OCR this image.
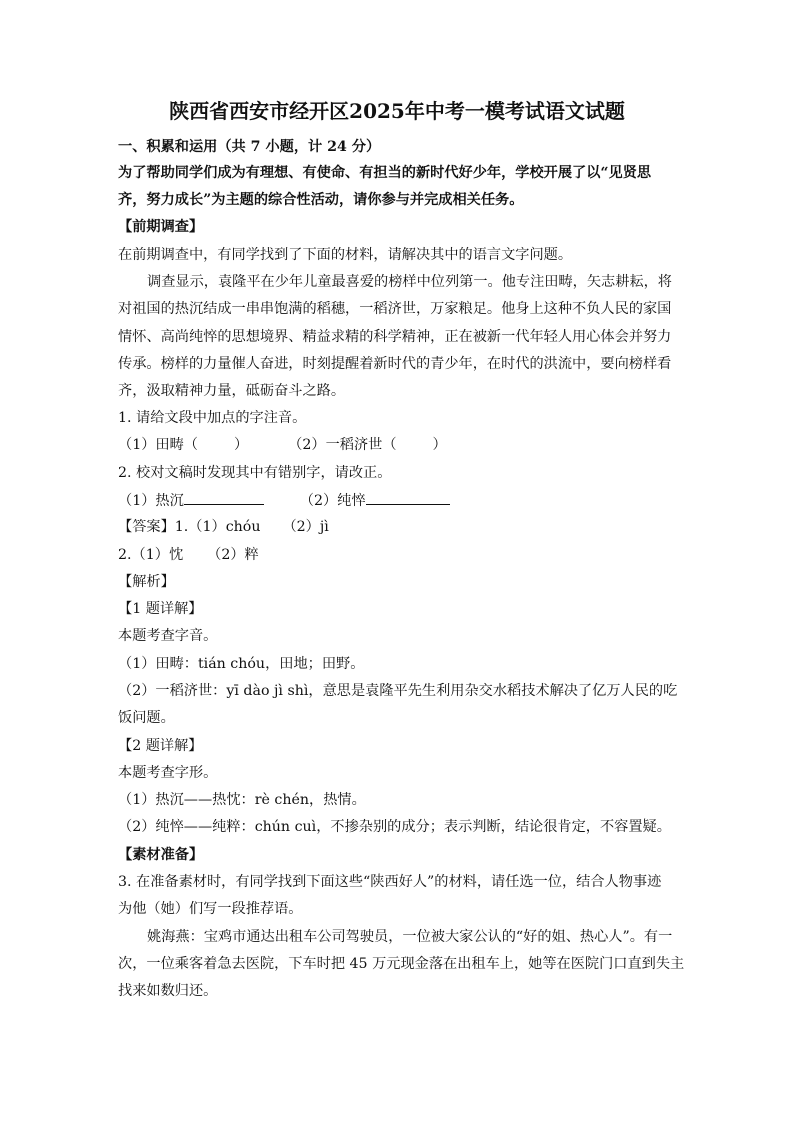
陕西省西安市经开区2025年中考一模考试语文试题
一、积累和运用（共 7 小题，计 24 分）
为了帮助同学们成为有理想、有使命、有担当的新时代好少年，学校开展了以“见贤思
齐，努力成长”为主题的综合性活动，请你参与并完成相关任务。
【前期调查】
在前期调查中，有同学找到了下面的材料，请解决其中的语言文字问题。
调查显示，袁隆平在少年儿童最喜爱的榜样中位列第一。他专注田畴，矢志耕耘，将
对祖国的热沉结成一串串饱满的稻穗，一稻济世，万家粮足。他身上这种不负人民的家国
情怀、高尚纯悴的思想境界、精益求精的科学精神，正在被新一代年轻人用心体会并努力
传承。榜样的力量催人奋进，时刻提醒着新时代的青少年，在时代的洪流中，要向榜样看
齐，汲取精神力量，砥砺奋斗之路。
1. 请给文段中加点的字注音。
（1）田畴（	）	（2）一稻济世（	）
2. 校对文稿时发现其中有错别字，请改正。
（1）热沉	（2）纯悴
【答案】1.（1）chóu （2）jì
2.（1）忱 （2）粹
【解析】
【1 题详解】
本题考查字音。
（1）田畴：tián chóu，田地；田野。
（2）一稻济世：yī dào jì shì，意思是袁隆平先生利用杂交水稻技术解决了亿万人民的吃
饭问题。
【2 题详解】
本题考查字形。
（1）热沉——热忱：rè chén，热情。
（2）纯悴——纯粹：chún cuì，不掺杂别的成分；表示判断，结论很肯定，不容置疑。
【素材准备】
3. 在准备素材时，有同学找到下面这些“陕西好人”的材料，请任选一位，结合人物事迹
为他（她）们写一段推荐语。
姚海燕：宝鸡市通达出租车公司驾驶员，一位被大家公认的“好的姐、热心人”。有一
次，一位乘客着急去医院，下车时把 45 万元现金落在出租车上，她等在医院门口直到失主
找来如数归还。
